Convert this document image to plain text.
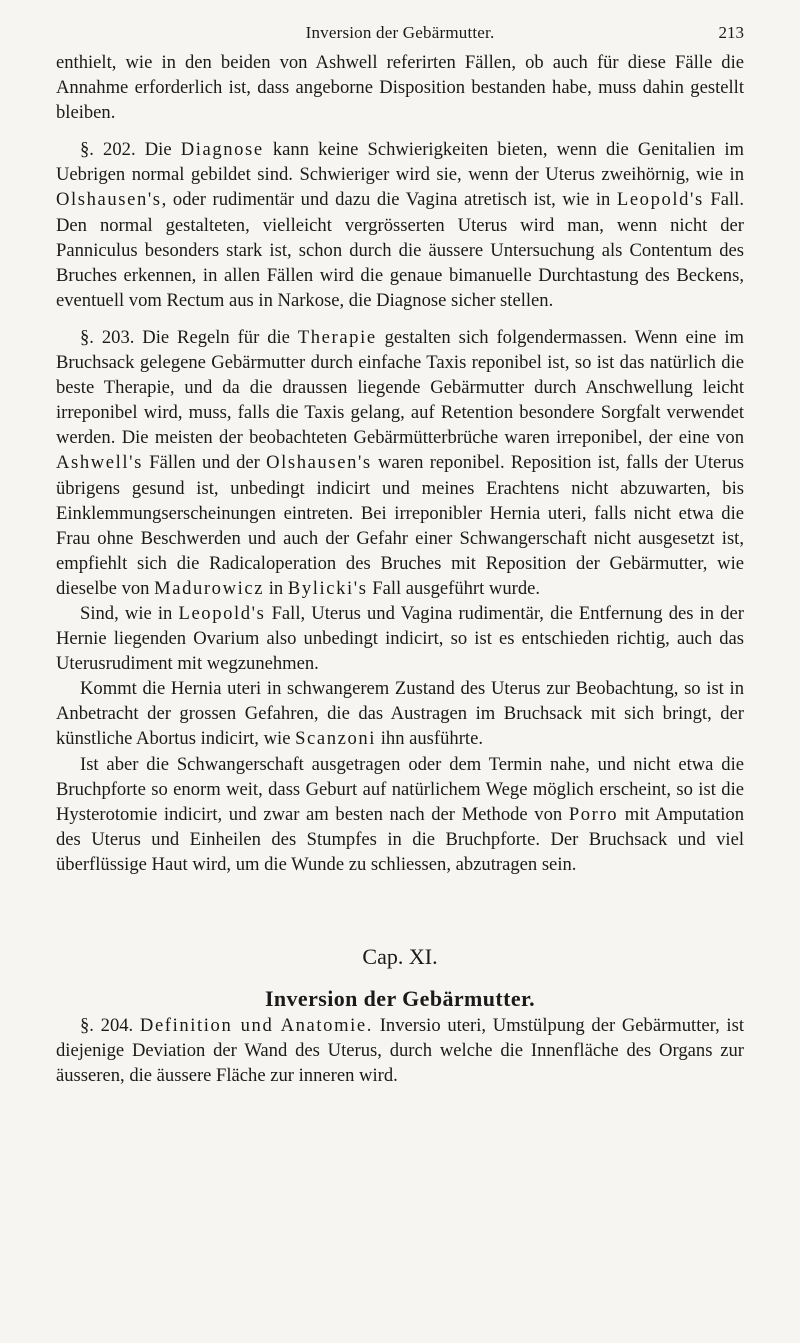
Inversion der Gebärmutter.	213

enthielt, wie in den beiden von Ashwell referirten Fällen, ob auch für diese Fälle die Annahme erforderlich ist, dass angeborne Disposition bestanden habe, muss dahin gestellt bleiben.

§. 202. Die Diagnose kann keine Schwierigkeiten bieten, wenn die Genitalien im Uebrigen normal gebildet sind. Schwieriger wird sie, wenn der Uterus zweihörnig, wie in Olshausen's, oder rudimentär und dazu die Vagina atretisch ist, wie in Leopold's Fall. Den normal gestalteten, vielleicht vergrösserten Uterus wird man, wenn nicht der Panniculus besonders stark ist, schon durch die äussere Untersuchung als Contentum des Bruches erkennen, in allen Fällen wird die genaue bimanuelle Durchtastung des Beckens, eventuell vom Rectum aus in Narkose, die Diagnose sicher stellen.

§. 203. Die Regeln für die Therapie gestalten sich folgendermassen. Wenn eine im Bruchsack gelegene Gebärmutter durch einfache Taxis reponibel ist, so ist das natürlich die beste Therapie, und da die draussen liegende Gebärmutter durch Anschwellung leicht irreponibel wird, muss, falls die Taxis gelang, auf Retention besondere Sorgfalt verwendet werden. Die meisten der beobachteten Gebärmütterbrüche waren irreponibel, der eine von Ashwell's Fällen und der Olshausen's waren reponibel. Reposition ist, falls der Uterus übrigens gesund ist, unbedingt indicirt und meines Erachtens nicht abzuwarten, bis Einklemmungserscheinungen eintreten. Bei irreponibler Hernia uteri, falls nicht etwa die Frau ohne Beschwerden und auch der Gefahr einer Schwangerschaft nicht ausgesetzt ist, empfiehlt sich die Radicaloperation des Bruches mit Reposition der Gebärmutter, wie dieselbe von Madurowicz in Bylicki's Fall ausgeführt wurde.

Sind, wie in Leopold's Fall, Uterus und Vagina rudimentär, die Entfernung des in der Hernie liegenden Ovarium also unbedingt indicirt, so ist es entschieden richtig, auch das Uterusrudiment mit wegzunehmen.

Kommt die Hernia uteri in schwangerem Zustand des Uterus zur Beobachtung, so ist in Anbetracht der grossen Gefahren, die das Austragen im Bruchsack mit sich bringt, der künstliche Abortus indicirt, wie Scanzoni ihn ausführte.

Ist aber die Schwangerschaft ausgetragen oder dem Termin nahe, und nicht etwa die Bruchpforte so enorm weit, dass Geburt auf natürlichem Wege möglich erscheint, so ist die Hysterotomie indicirt, und zwar am besten nach der Methode von Porro mit Amputation des Uterus und Einheilen des Stumpfes in die Bruchpforte. Der Bruchsack und viel überflüssige Haut wird, um die Wunde zu schliessen, abzutragen sein.

Cap. XI.
Inversion der Gebärmutter.

§. 204. Definition und Anatomie. Inversio uteri, Umstülpung der Gebärmutter, ist diejenige Deviation der Wand des Uterus, durch welche die Innenfläche des Organs zur äusseren, die äussere Fläche zur inneren wird.
